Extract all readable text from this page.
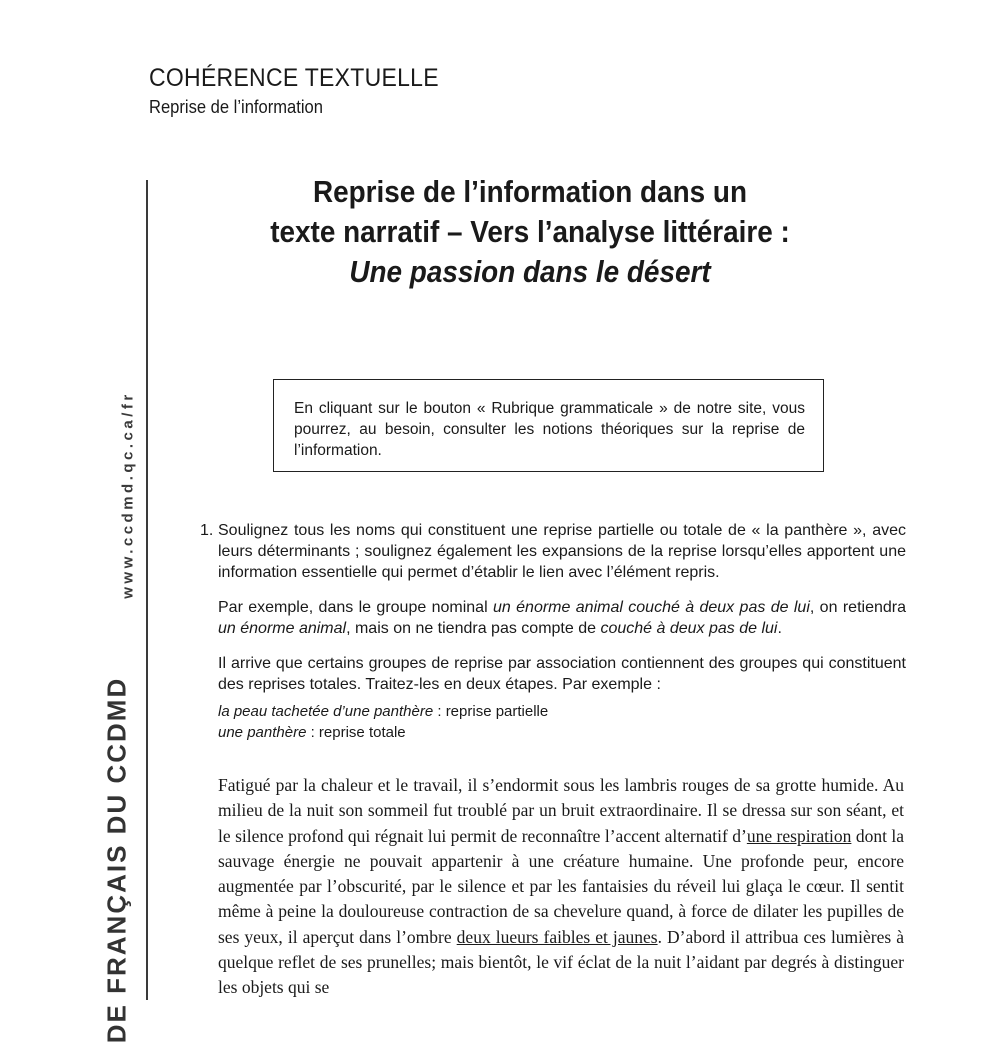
COHÉRENCE TEXTUELLE
Reprise de l’information
www.ccdmd.qc.ca/fr
DE FRANÇAIS DU CCDMD
Reprise de l’information dans un
texte narratif – Vers l’analyse littéraire :
Une passion dans le désert
En cliquant sur le bouton « Rubrique grammaticale » de notre site, vous pourrez, au besoin, consulter les notions théoriques sur la reprise de l’information.
1. Soulignez tous les noms qui constituent une reprise partielle ou totale de « la panthère », avec leurs déterminants ; soulignez également les expansions de la reprise lorsqu’elles apportent une information essentielle qui permet d’établir le lien avec l’élément repris.

Par exemple, dans le groupe nominal un énorme animal couché à deux pas de lui, on retiendra un énorme animal, mais on ne tiendra pas compte de couché à deux pas de lui.

Il arrive que certains groupes de reprise par association contiennent des groupes qui constituent des reprises totales. Traitez-les en deux étapes. Par exemple :

la peau tachetée d’une panthère : reprise partielle
une panthère : reprise totale
Fatigué par la chaleur et le travail, il s’endormit sous les lambris rouges de sa grotte humide. Au milieu de la nuit son sommeil fut troublé par un bruit extraordinaire. Il se dressa sur son séant, et le silence profond qui régnait lui permit de reconnaître l’accent alternatif d’une respiration dont la sauvage énergie ne pouvait appartenir à une créature humaine. Une profonde peur, encore augmentée par l’obscurité, par le silence et par les fantaisies du réveil lui glaça le cœur. Il sentit même à peine la douloureuse contraction de sa chevelure quand, à force de dilater les pupilles de ses yeux, il aperçut dans l’ombre deux lueurs faibles et jaunes. D’abord il attribua ces lumières à quelque reflet de ses prunelles; mais bientôt, le vif éclat de la nuit l’aidant par degrés à distinguer les objets qui se
